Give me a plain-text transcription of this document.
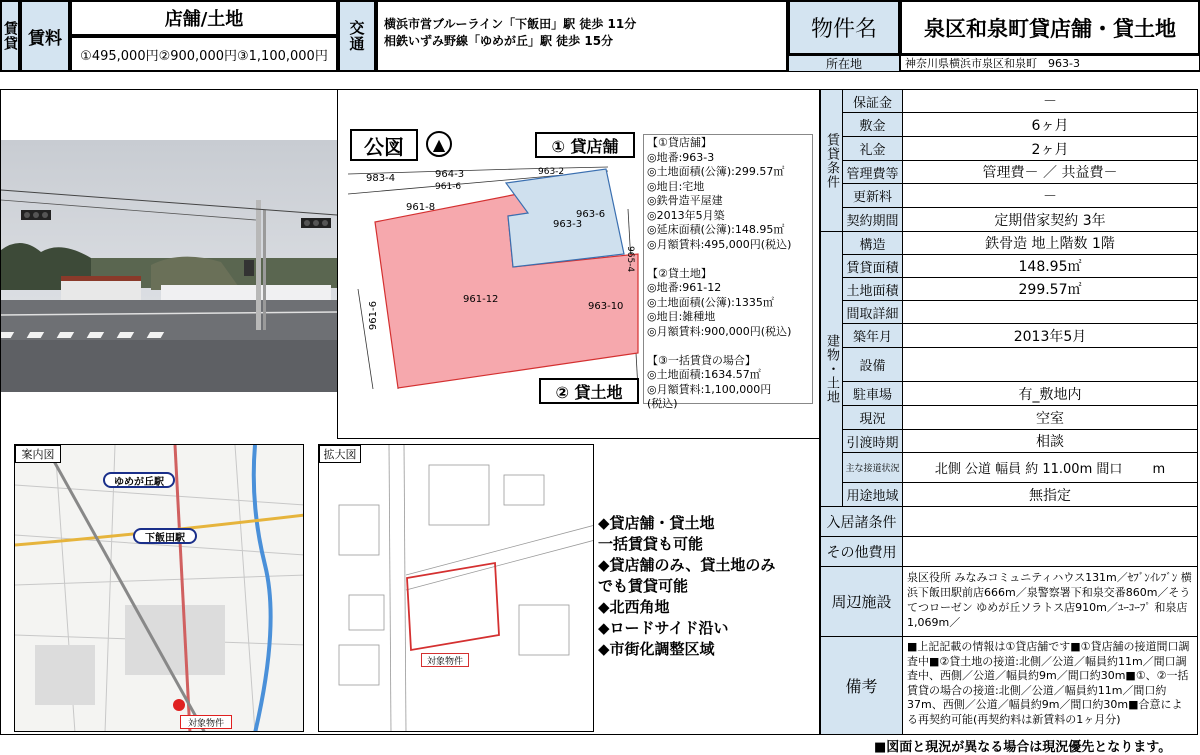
賃貸 賃料
店舗/土地
①495,000円②900,000円③1,100,000円
交通	横浜市営ブルーライン「下飯田」駅 徒歩 11分
相鉄いずみ野線「ゆめが丘」駅 徒歩 15分	物件名	泉区和泉町貸店舗・貸土地
所在地	神奈川県横浜市泉区和泉町　963-3
公図	▲	① 貸店舗
② 貸土地
983-4	964-3
961-6
963-2
961-8
963-6
963-3
965-4
961-12
963-10
961-6
【①貸店舗】
◎地番:963-3
◎土地面積(公簿):299.57㎡
◎地目:宅地
◎鉄骨造平屋建
◎2013年5月築
◎延床面積(公簿):148.95㎡
◎月額賃料:495,000円(税込)

【②貸土地】
◎地番:961-12
◎土地面積(公簿):1335㎡
◎地目:雑種地
◎月額賃料:900,000円(税込)

【③一括賃貸の場合】
◎土地面積:1634.57㎡
◎月額賃料:1,100,000円
(税込)
案内図
ゆめが丘駅
下飯田駅
対象物件
拡大図
対象物件
◆貸店舗・貸土地
一括賃貸も可能
◆貸店舗のみ、貸土地のみ
でも賃貸可能
◆北西角地
◆ロードサイド沿い
◆市街化調整区域
賃貸条件
保証金	－
敷金	6ヶ月
礼金	2ヶ月
管理費等	管理費－ ／ 共益費－
更新料	－
契約期間	定期借家契約 3年
建物・土地
構造	鉄骨造 地上階数 1階
賃貸面積	148.95㎡
土地面積	299.57㎡
間取詳細
築年月	2013年5月
設備
駐車場	有_敷地内
現況	空室
引渡時期	相談
主な接道状況	北側 公道 幅員 約 11.00m 間口 　　m
用途地域	無指定
入居諸条件
その他費用
周辺施設
泉区役所 みなみコミュニティハウス131m／ｾﾌﾞﾝｲﾚﾌﾞﾝ 横浜下飯田駅前店666m／泉警察署下和泉交番860m／そうてつローゼン ゆめが丘ソラトス店910m／ﾕｰｺｰﾌﾟ 和泉店1,069m／
備考
■上記記載の情報は①貸店舗です■①貸店舗の接道間口調査中■②貸土地の接道:北側／公道／幅員約11m／間口調査中、西側／公道／幅員約9m／間口約30m■①、②一括賃貸の場合の接道:北側／公道／幅員約11m／間口約37m、西側／公道／幅員約9m／間口約30m■合意による再契約可能(再契約料は新賃料の1ヶ月分)
■図面と現況が異なる場合は現況優先となります。
